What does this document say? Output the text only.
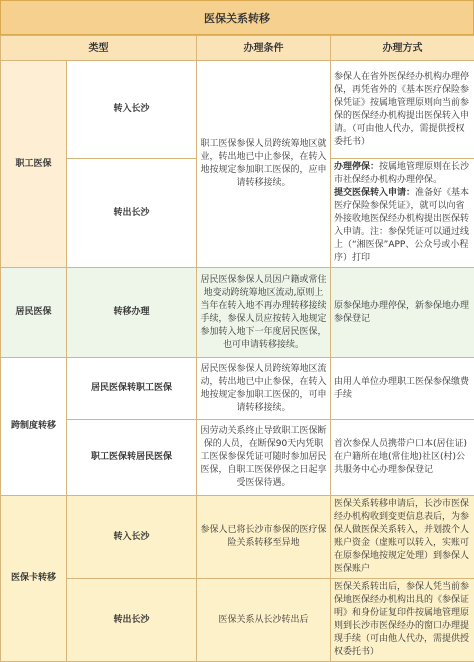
医保关系转移
类型		办理条件	办理方式
职工医保	转入长沙	职工医保参保人员跨统筹地区就业，转出地已中止参保，在转入地按规定参加职工医保的，应申请转移接续。	参保人在省外医保经办机构办理停保，再凭省外的《基本医疗保险参保凭证》按属地管理原则向当前参保的医保经办机构提出医保转入申请。（可由他人代办，需提供授权委托书）
	转出长沙		办理停保：按属地管理原则在长沙市社保经办机构办理停保。
提交医保转入申请：准备好《基本医疗保险参保凭证》，就可以向省外接收地医保经办机构提出医保转入申请。注：参保凭证可以通过线上（“湘医保”APP、公众号或小程序）打印
居民医保	转移办理	居民医保参保人员因户籍或常住地变动跨统筹地区流动,原则上当年在转入地不再办理转移接续手续，参保人员应按转入地规定参加转入地下一年度居民医保，也可申请转移接续。	原参保地办理停保，新参保地办理参保登记
跨制度转移	居民医保转职工医保	居民医保参保人员跨统筹地区流动，转出地已中止参保，在转入地按规定参加职工医保的，可申请转移接续。	由用人单位办理职工医保参保缴费手续
	职工医保转居民医保	因劳动关系终止导致职工医保断保的人员，在断保90天内凭职工医保参保凭证可随时参加居民医保，自职工医保停保之日起享受医保待遇。	首次参保人员携带户口本(居住证)在户籍所在地(常住地)社区(村)公共服务中心办理参保登记
医保卡转移	转入长沙	参保人已将长沙市参保的医疗保险关系转移至异地	医保关系转移申请后，长沙市医保经办机构收到变更信息表后，为参保人做医保关系转入，并划拨个人账户资金（虚账可以转入，实账可在原参保地按规定处理）到参保人医保账户
	转出长沙	医保关系从长沙转出后	医保关系转出后，参保人凭当前参保地医保经办机构出具的《参保证明》和身份证复印件按属地管理原则到长沙市医保经办的窗口办理提现手续（可由他人代办，需提供授权委托书）
